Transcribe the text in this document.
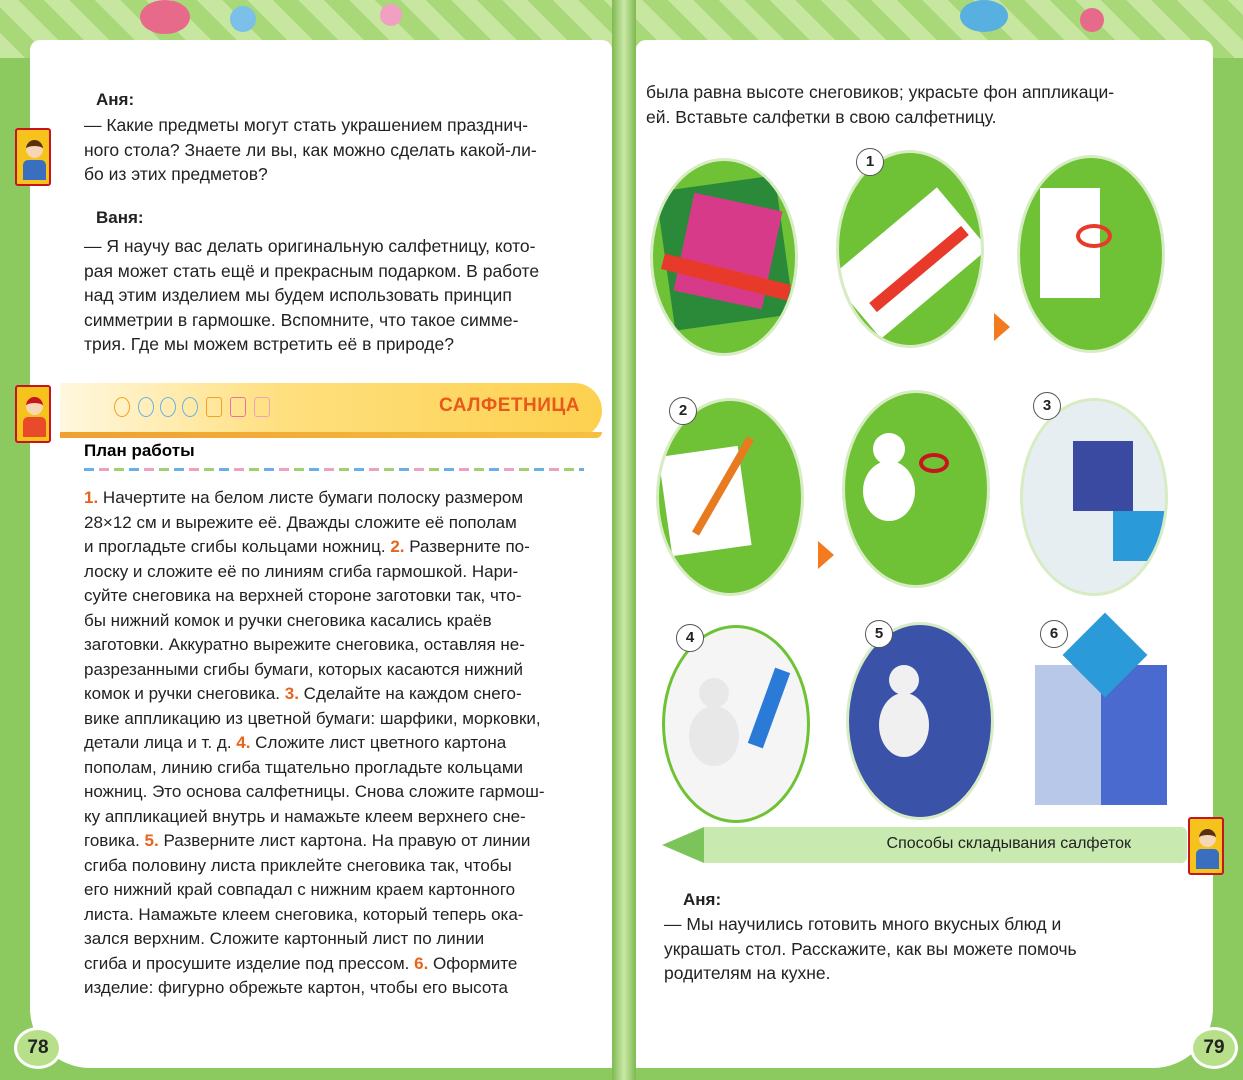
Аня:
— Какие предметы могут стать украшением празднич-
ного стола? Знаете ли вы, как можно сделать какой-ли-
бо из этих предметов?
Ваня:
— Я научу вас делать оригинальную салфетницу, кото-
рая может стать ещё и прекрасным подарком. В работе
над этим изделием мы будем использовать принцип
симметрии в гармошке. Вспомните, что такое симме-
трия. Где мы можем встретить её в природе?
САЛФЕТНИЦА
План работы
1. Начертите на белом листе бумаги полоску размером
28×12 см и вырежите её. Дважды сложите её пополам
и прогладьте сгибы кольцами ножниц. 2. Разверните по-
лоску и сложите её по линиям сгиба гармошкой. Нари-
суйте снеговика на верхней стороне заготовки так, что-
бы нижний комок и ручки снеговика касались краёв
заготовки. Аккуратно вырежите снеговика, оставляя не-
разрезанными сгибы бумаги, которых касаются нижний
комок и ручки снеговика. 3. Сделайте на каждом снего-
вике аппликацию из цветной бумаги: шарфики, морковки,
детали лица и т. д. 4. Сложите лист цветного картона
пополам, линию сгиба тщательно прогладьте кольцами
ножниц. Это основа салфетницы. Снова сложите гармош-
ку аппликацией внутрь и намажьте клеем верхнего сне-
говика. 5. Разверните лист картона. На правую от линии
сгиба половину листа приклейте снеговика так, чтобы
его нижний край совпадал с нижним краем картонного
листа. Намажьте клеем снеговика, который теперь ока-
зался верхним. Сложите картонный лист по линии
сгиба и просушите изделие под прессом. 6. Оформите
изделие: фигурно обрежьте картон, чтобы его высота
78
была равна высоте снеговиков; украсьте фон аппликаци-
ей. Вставьте салфетки в свою салфетницу.
1
2	3
4	5	6
Способы складывания салфеток
Аня:
— Мы научились готовить много вкусных блюд и
украшать стол. Расскажите, как вы можете помочь
родителям на кухне.
79
